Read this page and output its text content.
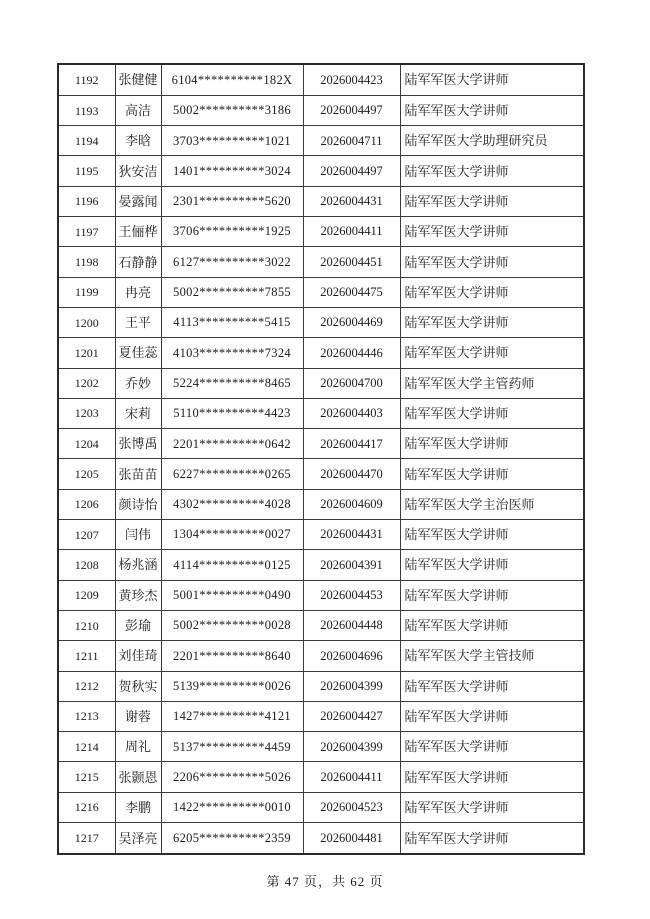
1192	张健健	6104**********182X	2026004423	陆军军医大学讲师
1193	高洁	5002**********3186	2026004497	陆军军医大学讲师
1194	李晗	3703**********1021	2026004711	陆军军医大学助理研究员
1195	狄安洁	1401**********3024	2026004497	陆军军医大学讲师
1196	晏露闻	2301**********5620	2026004431	陆军军医大学讲师
1197	王俪桦	3706**********1925	2026004411	陆军军医大学讲师
1198	石静静	6127**********3022	2026004451	陆军军医大学讲师
1199	冉亮	5002**********7855	2026004475	陆军军医大学讲师
1200	王平	4113**********5415	2026004469	陆军军医大学讲师
1201	夏佳蕊	4103**********7324	2026004446	陆军军医大学讲师
1202	乔妙	5224**********8465	2026004700	陆军军医大学主管药师
1203	宋莉	5110**********4423	2026004403	陆军军医大学讲师
1204	张博禹	2201**********0642	2026004417	陆军军医大学讲师
1205	张苗苗	6227**********0265	2026004470	陆军军医大学讲师
1206	颜诗怡	4302**********4028	2026004609	陆军军医大学主治医师
1207	闫伟	1304**********0027	2026004431	陆军军医大学讲师
1208	杨兆涵	4114**********0125	2026004391	陆军军医大学讲师
1209	黄珍杰	5001**********0490	2026004453	陆军军医大学讲师
1210	彭瑜	5002**********0028	2026004448	陆军军医大学讲师
1211	刘佳琦	2201**********8640	2026004696	陆军军医大学主管技师
1212	贺秋实	5139**********0026	2026004399	陆军军医大学讲师
1213	谢蓉	1427**********4121	2026004427	陆军军医大学讲师
1214	周礼	5137**********4459	2026004399	陆军军医大学讲师
1215	张颢恩	2206**********5026	2026004411	陆军军医大学讲师
1216	李鹏	1422**********0010	2026004523	陆军军医大学讲师
1217	吴泽亮	6205**********2359	2026004481	陆军军医大学讲师
第 47 页，共 62 页
